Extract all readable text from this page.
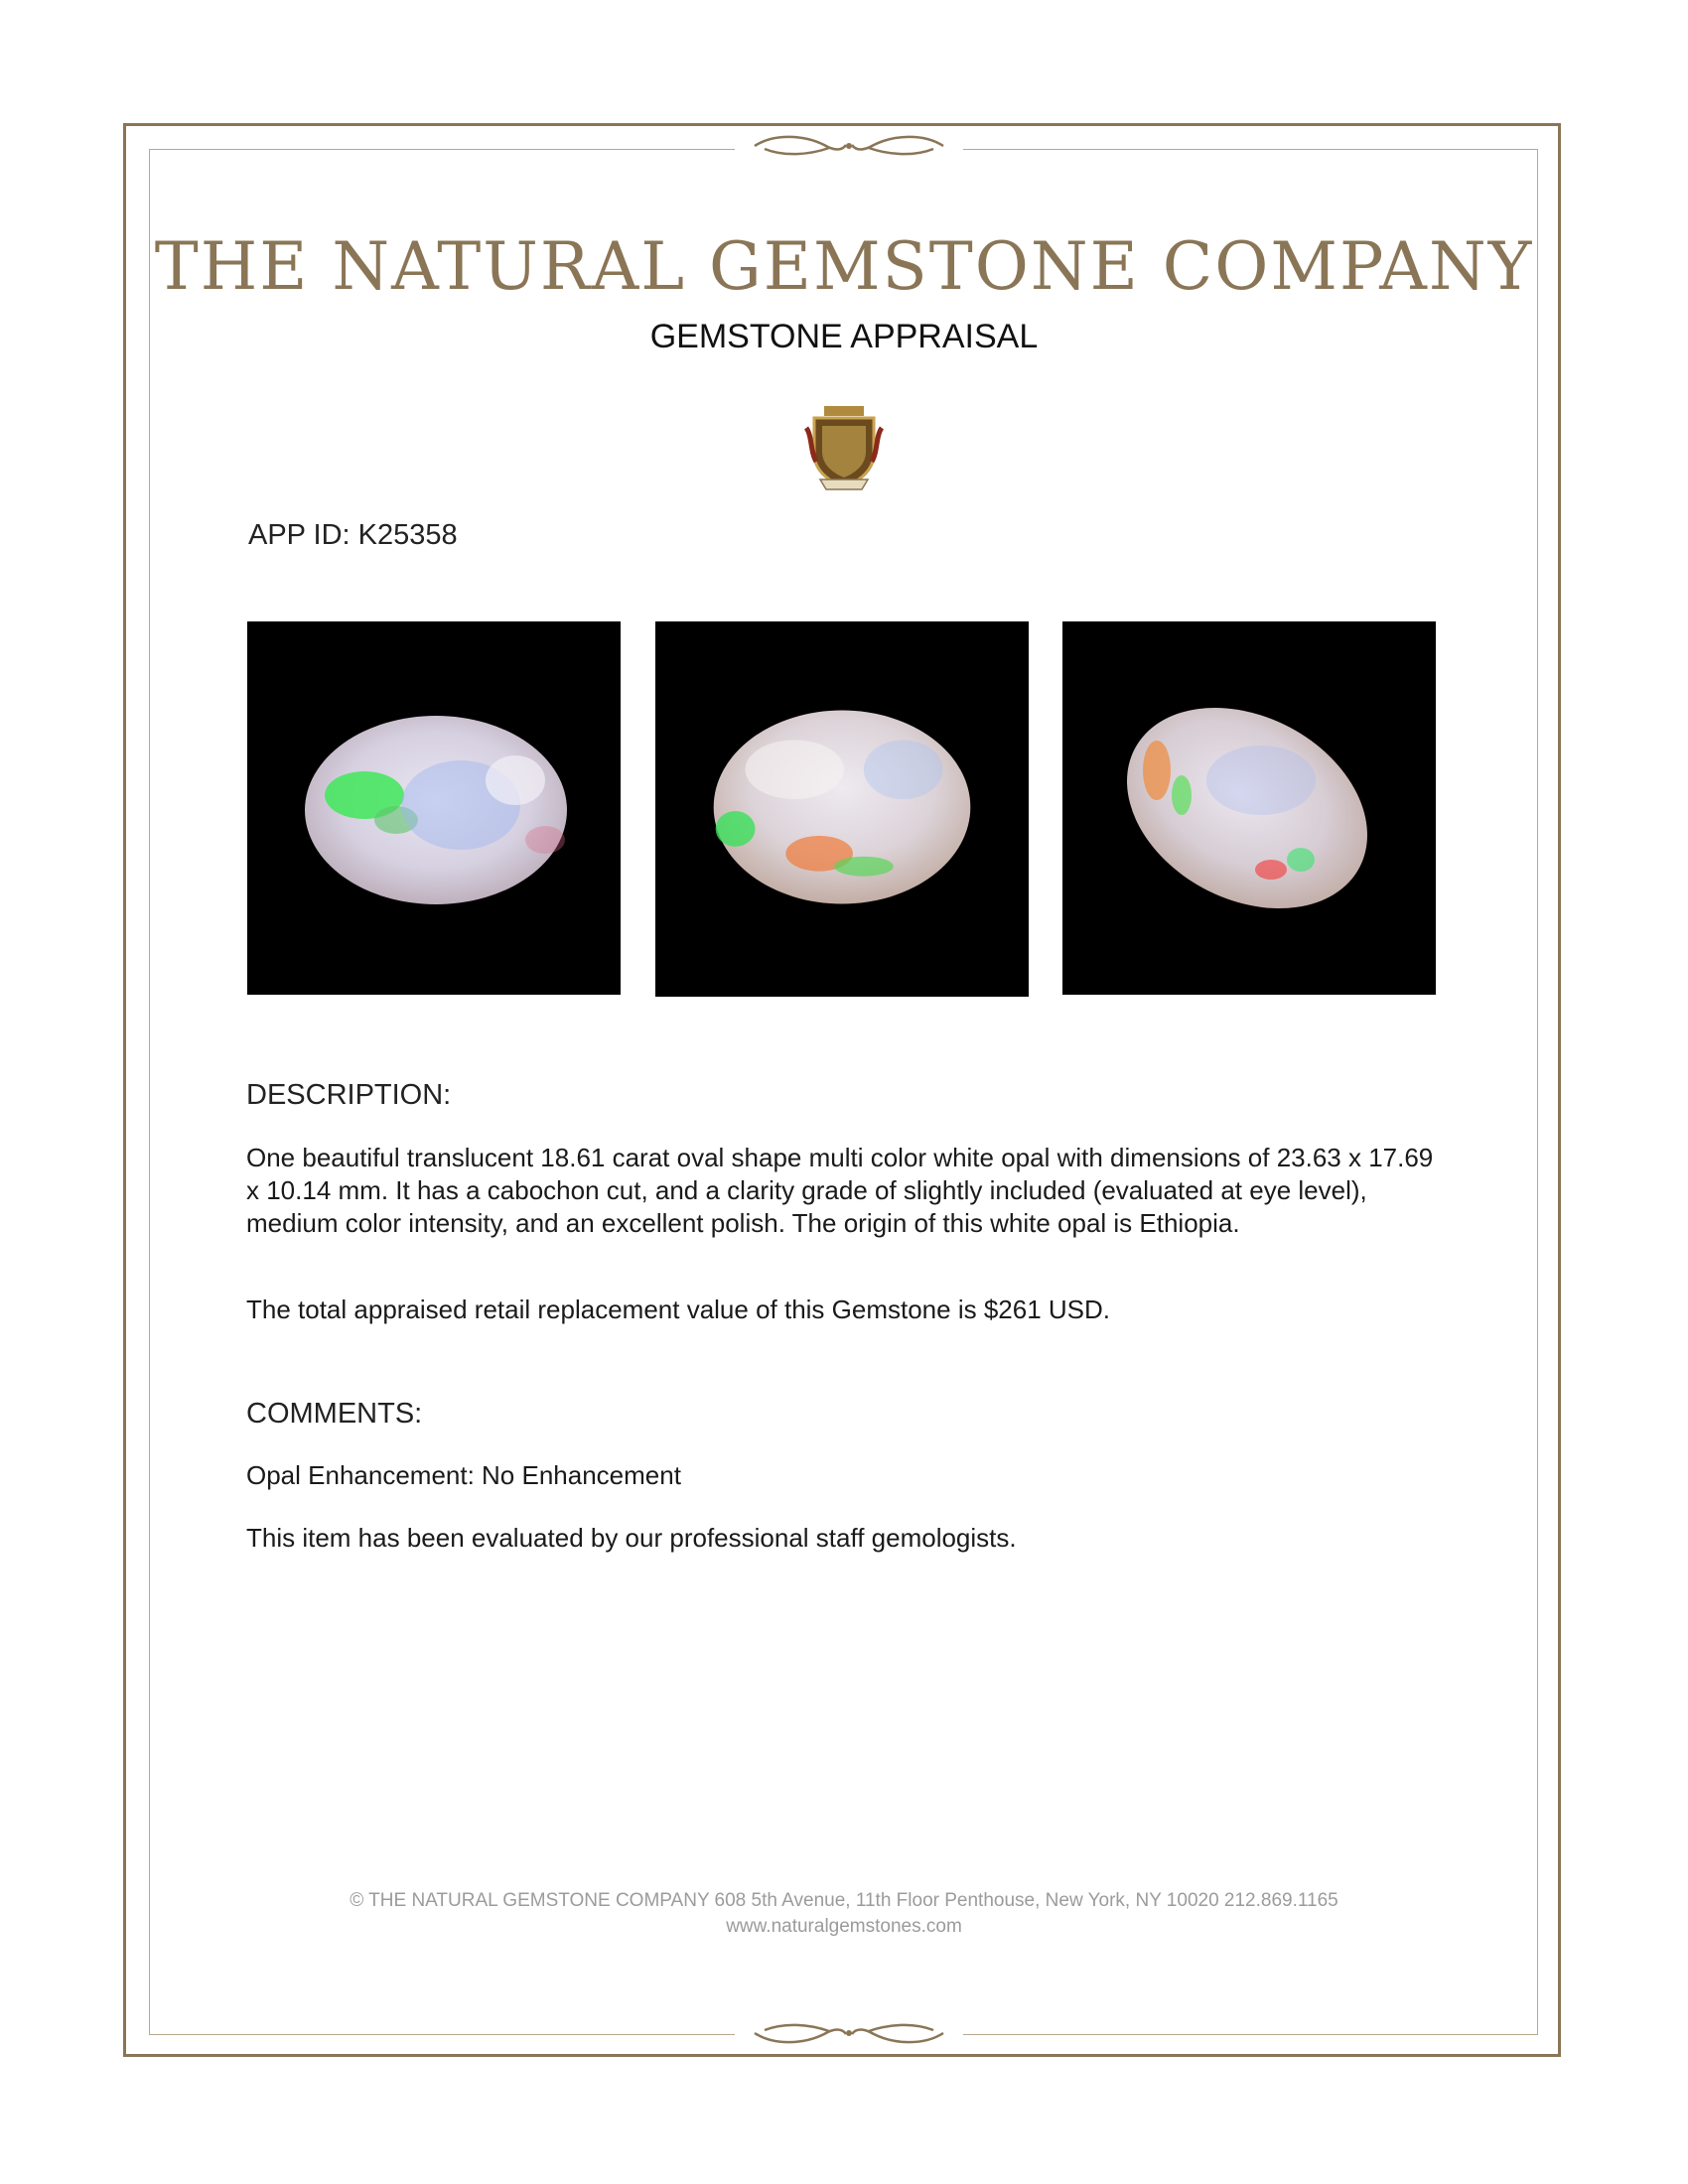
THE NATURAL GEMSTONE COMPANY
GEMSTONE APPRAISAL
APP ID: K25358
DESCRIPTION:
One beautiful translucent 18.61 carat oval shape multi color white opal with dimensions of 23.63 x 17.69 x 10.14 mm. It has a cabochon cut, and a clarity grade of slightly included (evaluated at eye level), medium color intensity, and an excellent polish. The origin of this white opal is Ethiopia.
The total appraised retail replacement value of this Gemstone is $261 USD.
COMMENTS:
Opal Enhancement: No Enhancement
This item has been evaluated by our professional staff gemologists.
© THE NATURAL GEMSTONE COMPANY 608 5th Avenue, 11th Floor Penthouse, New York, NY 10020 212.869.1165
www.naturalgemstones.com
